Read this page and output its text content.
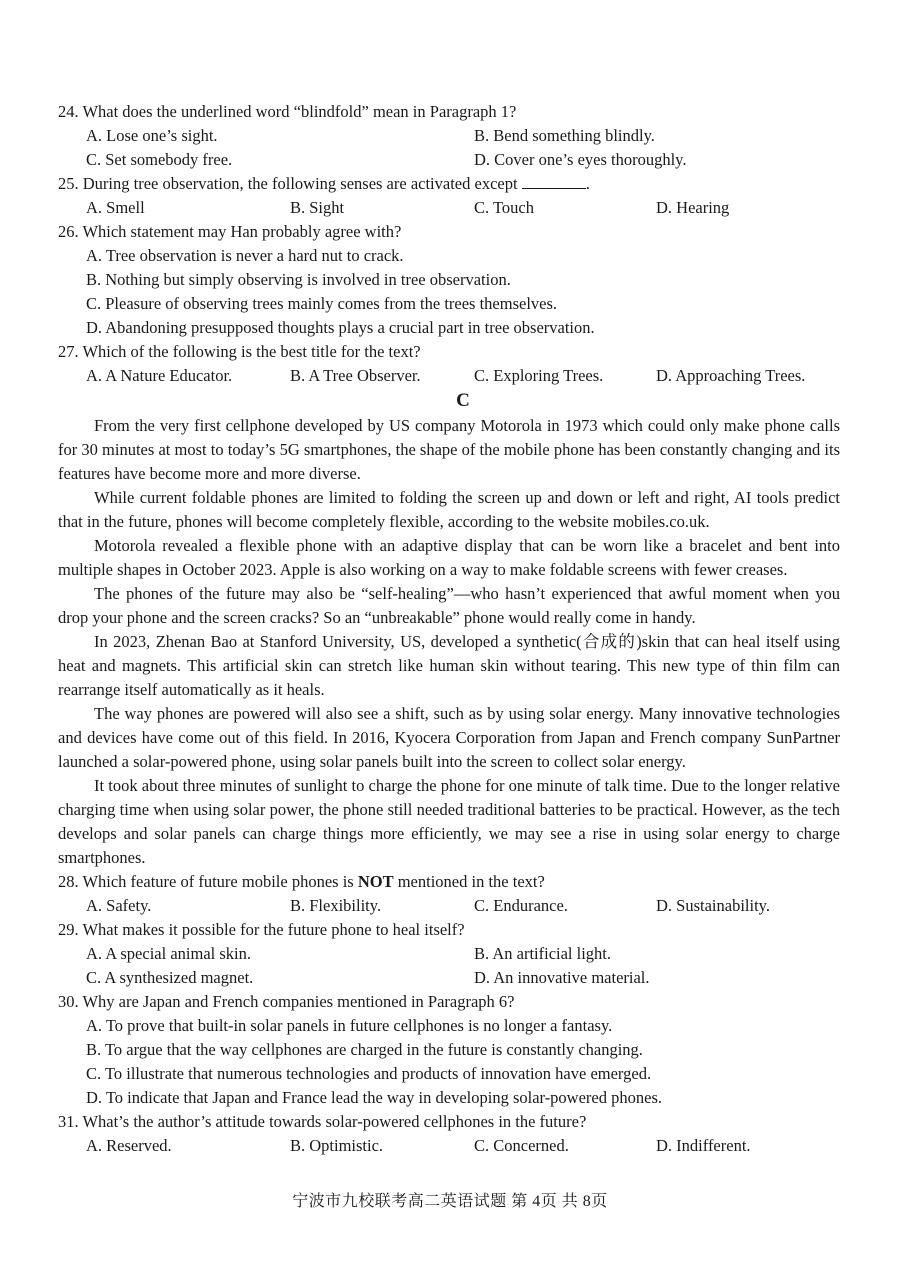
24. What does the underlined word “blindfold” mean in Paragraph 1?
A. Lose one’s sight.	B. Bend something blindly.
C. Set somebody free.	D. Cover one’s eyes thoroughly.
25. During tree observation, the following senses are activated except	.
A. Smell	B. Sight	C. Touch	D. Hearing
26. Which statement may Han probably agree with?
A. Tree observation is never a hard nut to crack.
B. Nothing but simply observing is involved in tree observation.
C. Pleasure of observing trees mainly comes from the trees themselves.
D. Abandoning presupposed thoughts plays a crucial part in tree observation.
27. Which of the following is the best title for the text?
A. A Nature Educator.	B. A Tree Observer.	C. Exploring Trees.	D. Approaching Trees.
C

From the very first cellphone developed by US company Motorola in 1973 which could only make phone calls for 30 minutes at most to today’s 5G smartphones, the shape of the mobile phone has been constantly changing and its features have become more and more diverse.

While current foldable phones are limited to folding the screen up and down or left and right, AI tools predict that in the future, phones will become completely flexible, according to the website mobiles.co.uk.

Motorola revealed a flexible phone with an adaptive display that can be worn like a bracelet and bent into multiple shapes in October 2023. Apple is also working on a way to make foldable screens with fewer creases.

The phones of the future may also be “self-healing”—who hasn’t experienced that awful moment when you drop your phone and the screen cracks? So an “unbreakable” phone would really come in handy.

In 2023, Zhenan Bao at Stanford University, US, developed a synthetic(合成的)skin that can heal itself using heat and magnets. This artificial skin can stretch like human skin without tearing. This new type of thin film can rearrange itself automatically as it heals.

The way phones are powered will also see a shift, such as by using solar energy. Many innovative technologies and devices have come out of this field. In 2016, Kyocera Corporation from Japan and French company SunPartner launched a solar-powered phone, using solar panels built into the screen to collect solar energy.

It took about three minutes of sunlight to charge the phone for one minute of talk time. Due to the longer relative charging time when using solar power, the phone still needed traditional batteries to be practical. However, as the tech develops and solar panels can charge things more efficiently, we may see a rise in using solar energy to charge smartphones.

28. Which feature of future mobile phones is NOT mentioned in the text?
A. Safety.	B. Flexibility.	C. Endurance.	D. Sustainability.
29. What makes it possible for the future phone to heal itself?
A. A special animal skin.	B. An artificial light.
C. A synthesized magnet.	D. An innovative material.
30. Why are Japan and French companies mentioned in Paragraph 6?
A. To prove that built-in solar panels in future cellphones is no longer a fantasy.
B. To argue that the way cellphones are charged in the future is constantly changing.
C. To illustrate that numerous technologies and products of innovation have emerged.
D. To indicate that Japan and France lead the way in developing solar-powered phones.
31. What’s the author’s attitude towards solar-powered cellphones in the future?
A. Reserved.	B. Optimistic.	C. Concerned.	D. Indifferent.
宁波市九校联考高二英语试题 第 4页 共 8页
